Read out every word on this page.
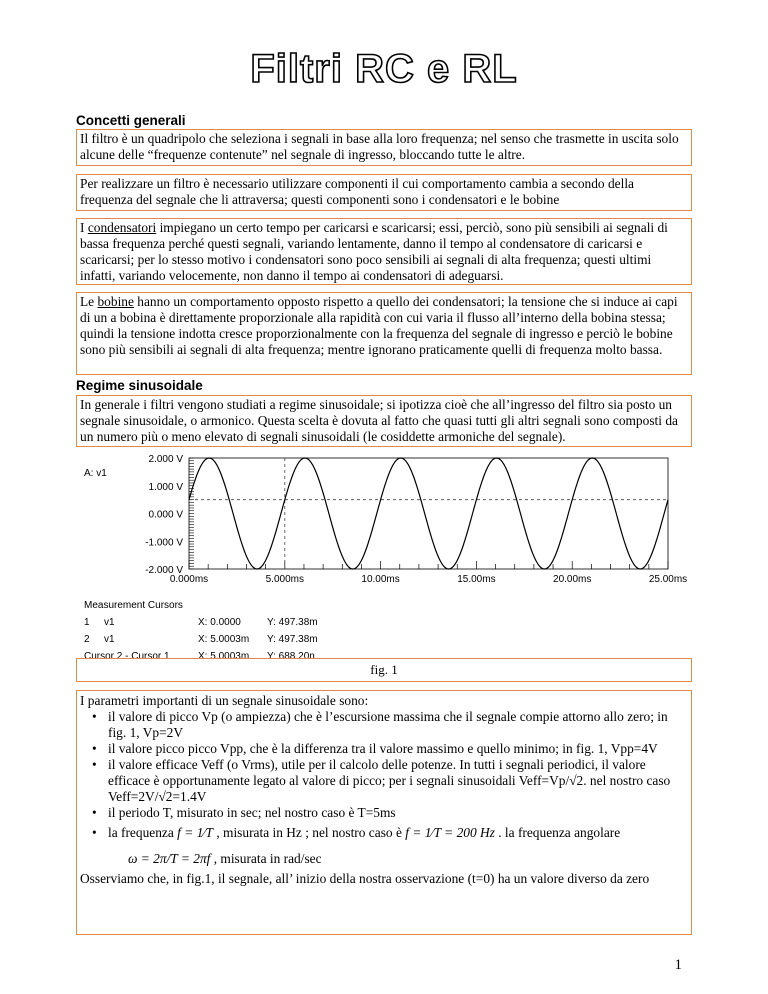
Filtri RC e RL
Concetti generali
Il filtro è un quadripolo che seleziona i segnali in base alla loro frequenza; nel senso che trasmette in uscita solo alcune delle “frequenze contenute” nel segnale di ingresso, bloccando tutte le altre.
Per realizzare un filtro è necessario utilizzare componenti il cui comportamento cambia a secondo della frequenza del segnale che li attraversa; questi componenti sono i condensatori e le bobine
I condensatori impiegano un certo tempo per caricarsi e scaricarsi; essi, perciò, sono più sensibili ai segnali di bassa frequenza perché questi segnali, variando lentamente, danno il tempo al condensatore di caricarsi e scaricarsi; per lo stesso motivo i condensatori sono poco sensibili ai segnali di alta frequenza; questi ultimi infatti, variando velocemente, non danno il tempo ai condensatori di adeguarsi.
Le bobine hanno un comportamento opposto rispetto a quello dei condensatori; la tensione che si induce ai capi di un a bobina è direttamente proporzionale alla rapidità con cui varia il flusso all’interno della bobina stessa; quindi la tensione indotta cresce proporzionalmente con la frequenza del segnale di ingresso e perciò le bobine sono più sensibili ai segnali di alta frequenza; mentre ignorano praticamente quelli di frequenza molto bassa.
Regime sinusoidale
In generale i filtri vengono studiati a regime sinusoidale; si ipotizza cioè che all’ingresso del filtro sia posto un segnale sinusoidale, o armonico. Questa scelta è dovuta al fatto che quasi tutti gli altri segnali sono composti da un numero più o meno elevato di segnali sinusoidali (le cosiddette armoniche del segnale).
A: v1
2.000 V
1.000 V
0.000 V
-1.000 V
-2.000 V
0.000ms	5.000ms	10.00ms	15.00ms	20.00ms	25.00ms
Measurement Cursors
1 v1	X: 0.0000	Y: 497.38m
2 v1	X: 5.0003m Y: 497.38m
Cursor 2 - Cursor 1	X: 5.0003m Y: 688.20n
fig. 1
I parametri importanti di un segnale sinusoidale sono:
• il valore di picco Vp (o ampiezza) che è l’escursione massima che il segnale compie attorno allo zero; in fig. 1, Vp=2V
• il valore picco picco Vpp, che è la differenza tra il valore massimo e quello minimo; in fig. 1, Vpp=4V
• il valore efficace Veff (o Vrms), utile per il calcolo delle potenze. In tutti i segnali periodici, il valore efficace è opportunamente legato al valore di picco; per i segnali sinusoidali Veff=Vp/√2. nel nostro caso Veff=2V/√2=1.4V
• il periodo T, misurato in sec; nel nostro caso è T=5ms
• la frequenza f = 1⁄T , misurata in Hz ; nel nostro caso è f = 1⁄T = 200 Hz . la frequenza angolare
ω = 2π/T = 2πf , misurata in rad/sec
Osserviamo che, in fig.1, il segnale, all’ inizio della nostra osservazione (t=0) ha un valore diverso da zero
1
